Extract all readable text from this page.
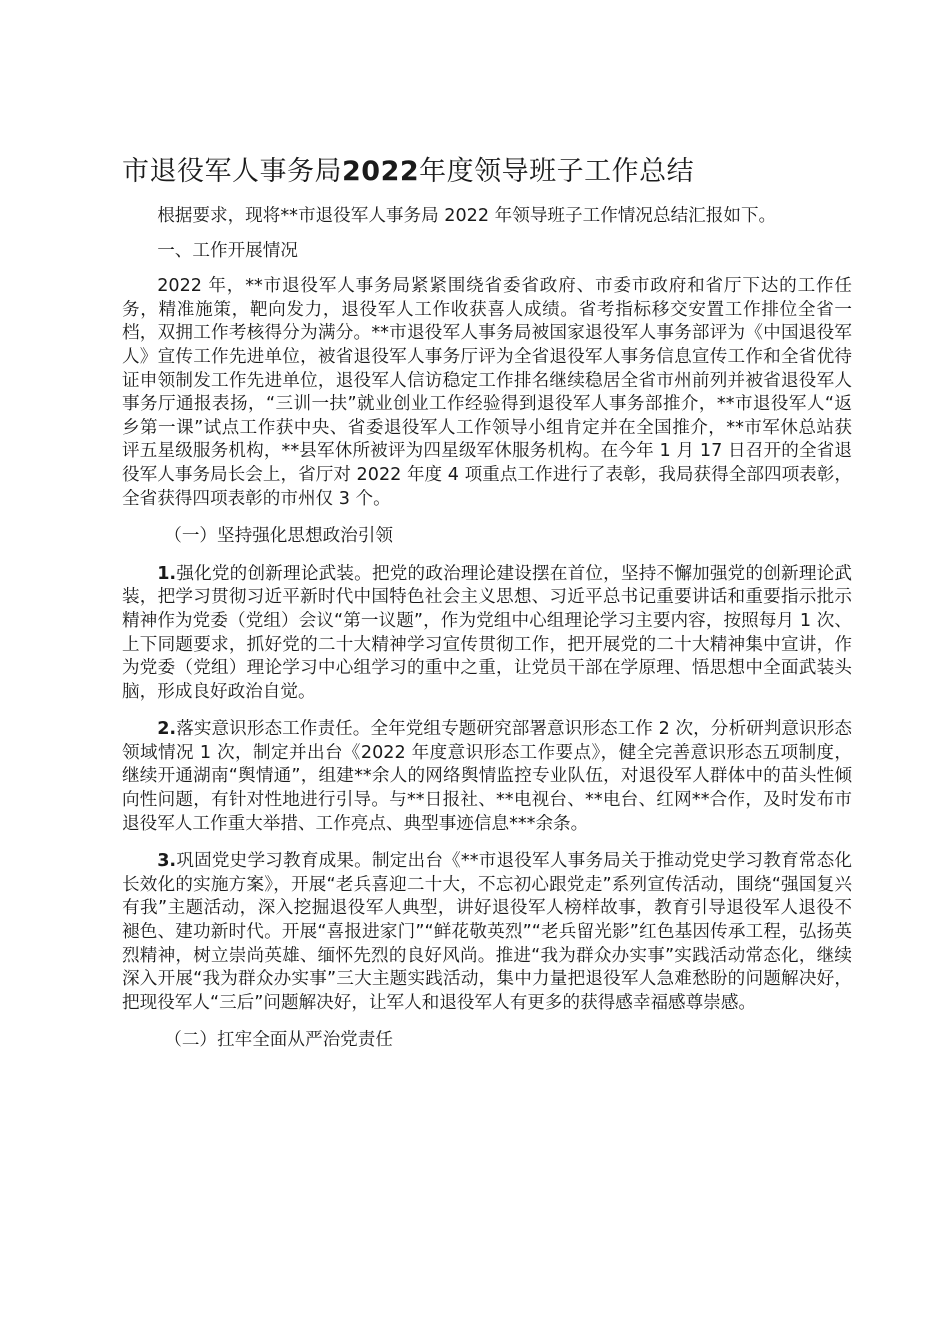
市退役军人事务局2022年度领导班子工作总结

根据要求，现将**市退役军人事务局 2022 年领导班子工作情况总结汇报如下。

一、工作开展情况

2022 年，**市退役军人事务局紧紧围绕省委省政府、市委市政府和省厅下达的工作任务，精准施策，靶向发力，退役军人工作收获喜人成绩。省考指标移交安置工作排位全省一档，双拥工作考核得分为满分。**市退役军人事务局被国家退役军人事务部评为《中国退役军人》宣传工作先进单位，被省退役军人事务厅评为全省退役军人事务信息宣传工作和全省优待证申领制发工作先进单位，退役军人信访稳定工作排名继续稳居全省市州前列并被省退役军人事务厅通报表扬，“三训一扶”就业创业工作经验得到退役军人事务部推介，**市退役军人“返乡第一课”试点工作获中央、省委退役军人工作领导小组肯定并在全国推介，**市军休总站获评五星级服务机构，**县军休所被评为四星级军休服务机构。在今年 1 月 17 日召开的全省退役军人事务局长会上，省厅对 2022 年度 4 项重点工作进行了表彰，我局获得全部四项表彰，全省获得四项表彰的市州仅 3 个。

（一）坚持强化思想政治引领

1.强化党的创新理论武装。把党的政治理论建设摆在首位，坚持不懈加强党的创新理论武装，把学习贯彻习近平新时代中国特色社会主义思想、习近平总书记重要讲话和重要指示批示精神作为党委（党组）会议“第一议题”，作为党组中心组理论学习主要内容，按照每月 1 次、上下同题要求，抓好党的二十大精神学习宣传贯彻工作，把开展党的二十大精神集中宣讲，作为党委（党组）理论学习中心组学习的重中之重，让党员干部在学原理、悟思想中全面武装头脑，形成良好政治自觉。

2.落实意识形态工作责任。全年党组专题研究部署意识形态工作 2 次，分析研判意识形态领域情况 1 次，制定并出台《2022 年度意识形态工作要点》，健全完善意识形态五项制度，继续开通湖南“舆情通”，组建**余人的网络舆情监控专业队伍，对退役军人群体中的苗头性倾向性问题，有针对性地进行引导。与**日报社、**电视台、**电台、红网**合作，及时发布市退役军人工作重大举措、工作亮点、典型事迹信息***余条。

3.巩固党史学习教育成果。制定出台《**市退役军人事务局关于推动党史学习教育常态化长效化的实施方案》，开展“老兵喜迎二十大，不忘初心跟党走”系列宣传活动，围绕“强国复兴有我”主题活动，深入挖掘退役军人典型，讲好退役军人榜样故事，教育引导退役军人退役不褪色、建功新时代。开展“喜报进家门”“鲜花敬英烈”“老兵留光影”红色基因传承工程，弘扬英烈精神，树立崇尚英雄、缅怀先烈的良好风尚。推进“我为群众办实事”实践活动常态化，继续深入开展“我为群众办实事”三大主题实践活动，集中力量把退役军人急难愁盼的问题解决好，把现役军人“三后”问题解决好，让军人和退役军人有更多的获得感幸福感尊崇感。

（二）扛牢全面从严治党责任
